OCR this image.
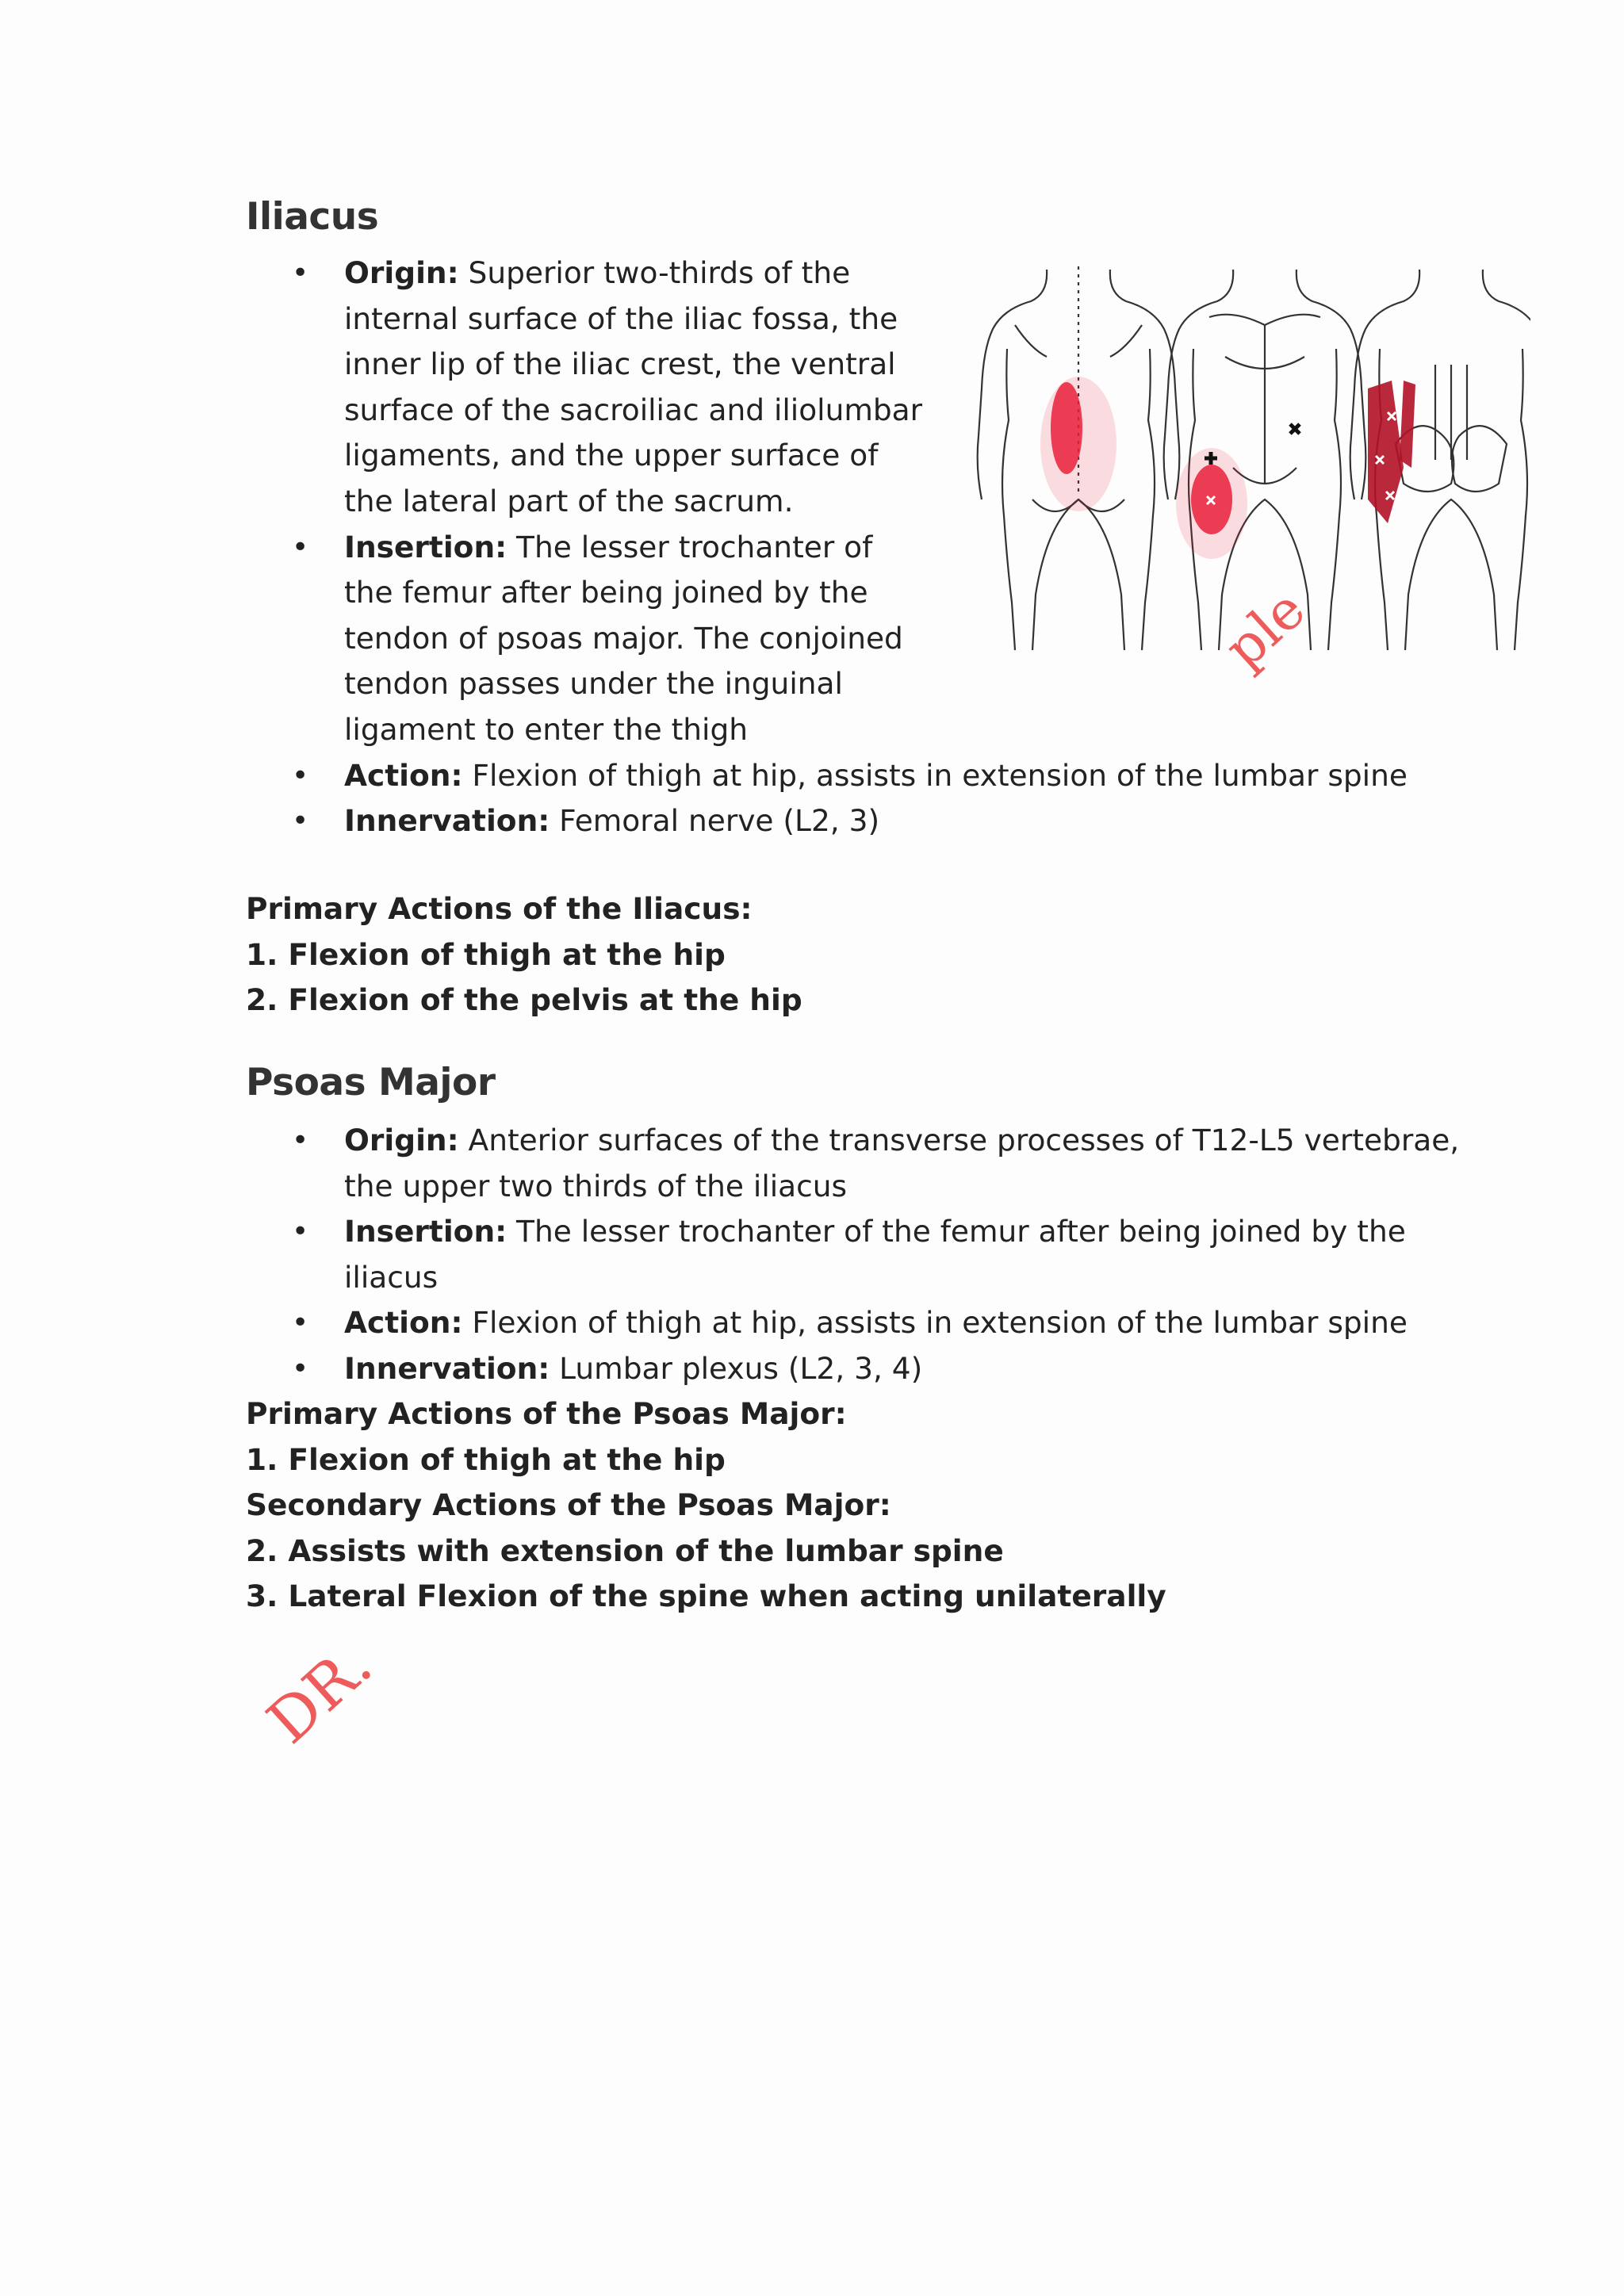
Iliacus
• Origin: Superior two-thirds of the internal surface of the iliac fossa, the inner lip of the iliac crest, the ventral surface of the sacroiliac and iliolumbar ligaments, and the upper surface of the lateral part of the sacrum.
• Insertion: The lesser trochanter of the femur after being joined by the tendon of psoas major. The conjoined tendon passes under the inguinal ligament to enter the thigh
• Action: Flexion of thigh at hip, assists in extension of the lumbar spine
• Innervation: Femoral nerve (L2, 3)
Primary Actions of the Iliacus:
1. Flexion of thigh at the hip
2. Flexion of the pelvis at the hip
Psoas Major
• Origin: Anterior surfaces of the transverse processes of T12-L5 vertebrae, the upper two thirds of the iliacus
• Insertion: The lesser trochanter of the femur after being joined by the iliacus
• Action: Flexion of thigh at hip, assists in extension of the lumbar spine
• Innervation: Lumbar plexus (L2, 3, 4)
Primary Actions of the Psoas Major:
1. Flexion of thigh at the hip
Secondary Actions of the Psoas Major:
2. Assists with extension of the lumbar spine
3. Lateral Flexion of the spine when acting unilaterally
ple
DR.
